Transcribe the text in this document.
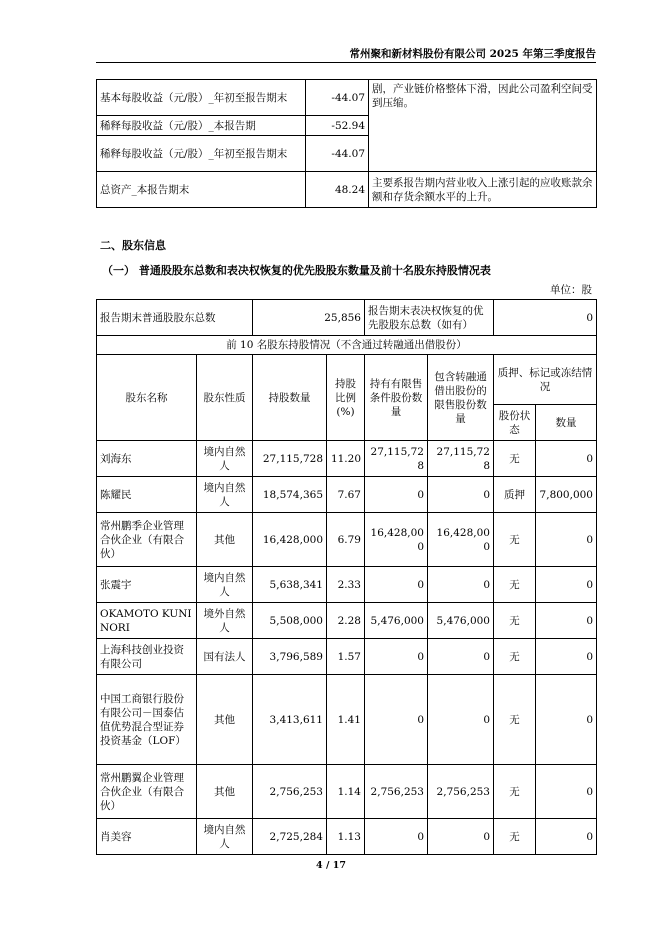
常州聚和新材料股份有限公司 2025 年第三季度报告
基本每股收益（元/股）_年初至报告期末	-44.07	剧，产业链价格整体下滑，因此公司盈利空间受到压缩。
稀释每股收益（元/股）_本报告期	-52.94	
稀释每股收益（元/股）_年初至报告期末	-44.07	
总资产_本报告期末	48.24	主要系报告期内营业收入上涨引起的应收账款余额和存货余额水平的上升。
二、股东信息
（一） 普通股股东总数和表决权恢复的优先股股东数量及前十名股东持股情况表
单位：股
报告期末普通股股东总数		25,856		报告期末表决权恢复的优先股股东总数（如有）		0	
前 10 名股东持股情况（不含通过转融通出借股份）							
股东名称	股东性质	持股数量	持股比例(%)	持有有限售条件股份数量	包含转融通借出股份的限售股份数量	质押、标记或冻结情况	
						股份状态	数量
刘海东	境内自然人	27,115,728	11.20	27,115,728	27,115,728	无	0
陈耀民	境内自然人	18,574,365	7.67	0	0	质押	7,800,000
常州鹏季企业管理合伙企业（有限合伙）	其他	16,428,000	6.79	16,428,000	16,428,000	无	0
张震宇	境内自然人	5,638,341	2.33	0	0	无	0
OKAMOTO KUNINORI	境外自然人	5,508,000	2.28	5,476,000	5,476,000	无	0
上海科技创业投资有限公司	国有法人	3,796,589	1.57	0	0	无	0
中国工商银行股份有限公司－国泰估值优势混合型证券投资基金（LOF）	其他	3,413,611	1.41	0	0	无	0
常州鹏翼企业管理合伙企业（有限合伙）	其他	2,756,253	1.14	2,756,253	2,756,253	无	0
肖美容	境内自然人	2,725,284	1.13	0	0	无	0
4 / 17
